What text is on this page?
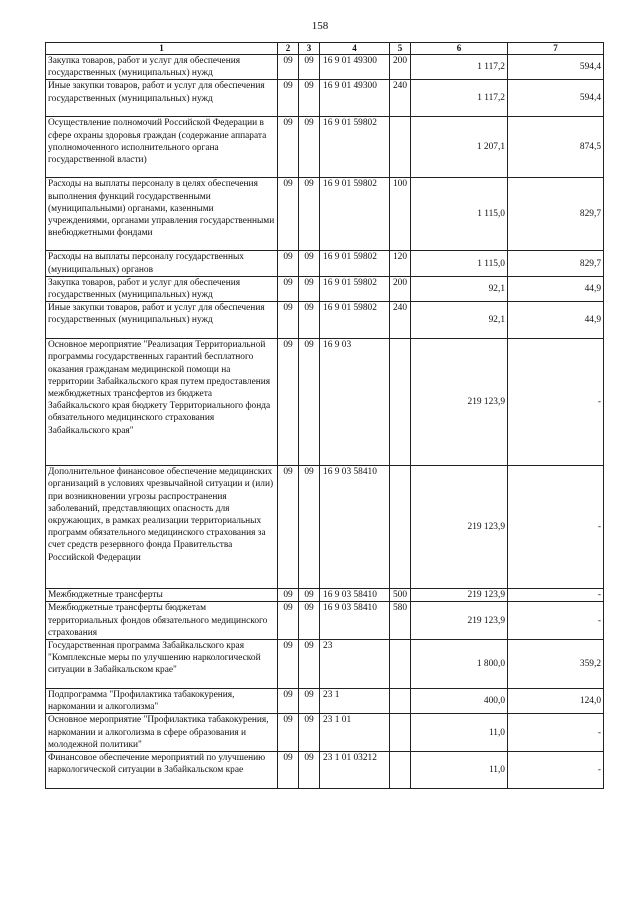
158
1	2	3	4	5	6	7
Закупка товаров, работ и услуг для обеспечения государственных (муниципальных) нужд	09	09	16 9 01 49300	200	1 117,2	594,4
Иные закупки товаров, работ и услуг для обеспечения государственных (муниципальных) нужд	09	09	16 9 01 49300	240	1 117,2	594,4
Осуществление полномочий Российской Федерации в сфере охраны здоровья граждан (содержание аппарата уполномоченного исполнительного органа государственной власти)	09	09	16 9 01 59802		1 207,1	874,5
Расходы на выплаты персоналу в целях обеспечения выполнения функций государственными (муниципальными) органами, казенными учреждениями, органами управления государственными внебюджетными фондами	09	09	16 9 01 59802	100	1 115,0	829,7
Расходы на выплаты персоналу государственных (муниципальных) органов	09	09	16 9 01 59802	120	1 115,0	829,7
Закупка товаров, работ и услуг для обеспечения государственных (муниципальных) нужд	09	09	16 9 01 59802	200	92,1	44,9
Иные закупки товаров, работ и услуг для обеспечения государственных (муниципальных) нужд	09	09	16 9 01 59802	240	92,1	44,9
Основное мероприятие "Реализация Территориальной программы государственных гарантий бесплатного оказания гражданам медицинской помощи на территории Забайкальского края путем предоставления межбюджетных трансфертов из бюджета Забайкальского края бюджету Территориального фонда обязательного медицинского страхования Забайкальского края"	09	09	16 9 03		219 123,9	-
Дополнительное финансовое обеспечение медицинских организаций в условиях чрезвычайной ситуации и (или) при возникновении угрозы распространения заболеваний, представляющих опасность для окружающих, в рамках реализации территориальных программ обязательного медицинского страхования за счет средств резервного фонда Правительства Российской Федерации	09	09	16 9 03 58410		219 123,9	-
Межбюджетные трансферты	09	09	16 9 03 58410	500	219 123,9	-
Межбюджетные трансферты бюджетам территориальных фондов обязательного медицинского страхования	09	09	16 9 03 58410	580	219 123,9	-
Государственная программа Забайкальского края "Комплексные меры по улучшению наркологической ситуации в Забайкальском крае"	09	09	23		1 800,0	359,2
Подпрограмма "Профилактика табакокурения, наркомании и алкоголизма"	09	09	23 1		400,0	124,0
Основное мероприятие "Профилактика табакокурения, наркомании и алкоголизма в сфере образования и молодежной политики"	09	09	23 1 01		11,0	-
Финансовое обеспечение мероприятий по улучшению наркологической ситуации в Забайкальском крае	09	09	23 1 01 03212		11,0	-
